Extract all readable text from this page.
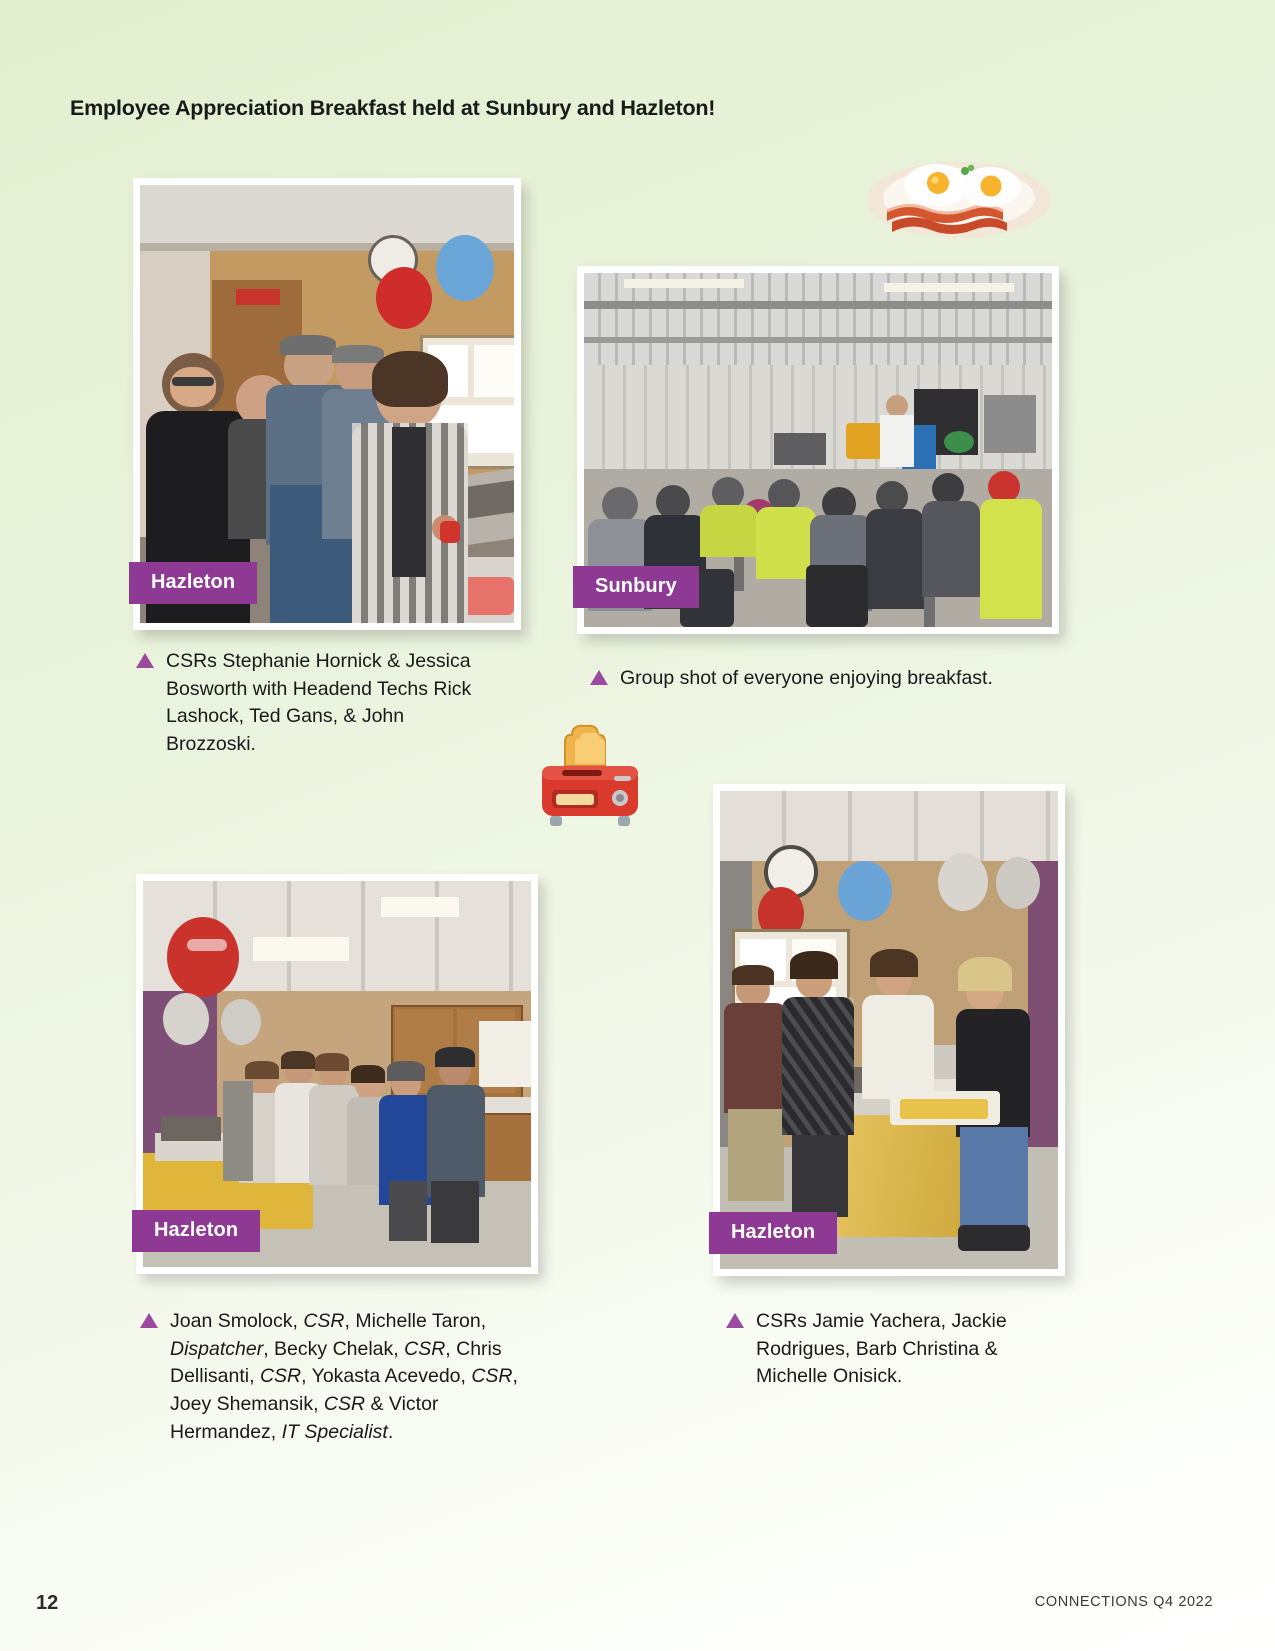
Employee Appreciation Breakfast held at Sunbury and Hazleton!
Hazleton
CSRs Stephanie Hornick & Jessica Bosworth with Headend Techs Rick Lashock, Ted Gans, & John Brozzoski.
Sunbury
Group shot of everyone enjoying breakfast.
Hazleton
Joan Smolock, CSR, Michelle Taron, Dispatcher, Becky Chelak, CSR, Chris Dellisanti, CSR, Yokasta Acevedo, CSR, Joey Shemansik, CSR & Victor Hermandez, IT Specialist.
Hazleton
CSRs Jamie Yachera, Jackie Rodrigues, Barb Christina & Michelle Onisick.
12	CONNECTIONS Q4 2022
